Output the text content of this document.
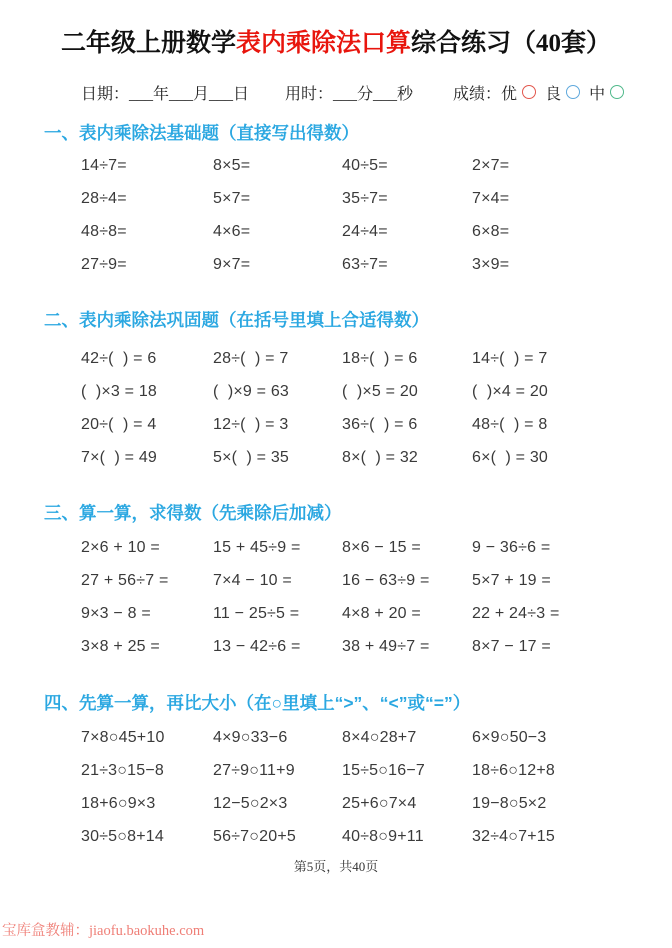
二年级上册数学表内乘除法口算综合练习（40套）
日期：___年___月___日 用时：___分___秒	成绩： 优 良 中
一、表内乘除法基础题（直接写出得数）
14÷7=	8×5=	40÷5=	2×7=
28÷4=	5×7=	35÷7=	7×4=
48÷8=	4×6=	24÷4=	6×8=
27÷9=	9×7=	63÷7=	3×9=
二、表内乘除法巩固题（在括号里填上合适得数）
42÷(  ) = 6	28÷(  ) = 7	18÷(  ) = 6	14÷(  ) = 7
(  )×3 = 18	(  )×9 = 63	(  )×5 = 20	(  )×4 = 20
20÷(  ) = 4	12÷(  ) = 3	36÷(  ) = 6	48÷(  ) = 8
7×(  ) = 49	5×(  ) = 35	8×(  ) = 32	6×(  ) = 30
三、算一算，求得数（先乘除后加减）
2×6 + 10 =	15 + 45÷9 =	8×6 − 15 =	9 − 36÷6 =
27 + 56÷7 =	7×4 − 10 =	16 − 63÷9 =	5×7 + 19 =
9×3 − 8 =	11 − 25÷5 =	4×8 + 20 =	22 + 24÷3 =
3×8 + 25 =	13 − 42÷6 =	38 + 49÷7 =	8×7 − 17 =
四、先算一算，再比大小（在○里填上“>”、“<”或“=”）
7×8○45+10	4×9○33−6	8×4○28+7	6×9○50−3
21÷3○15−8	27÷9○11+9	15÷5○16−7	18÷6○12+8
18+6○9×3	12−5○2×3	25+6○7×4	19−8○5×2
30÷5○8+14	56÷7○20+5	40÷8○9+11	32÷4○7+15
第5页，共40页
宝库盒教辅：jiaofu.baokuhe.com
